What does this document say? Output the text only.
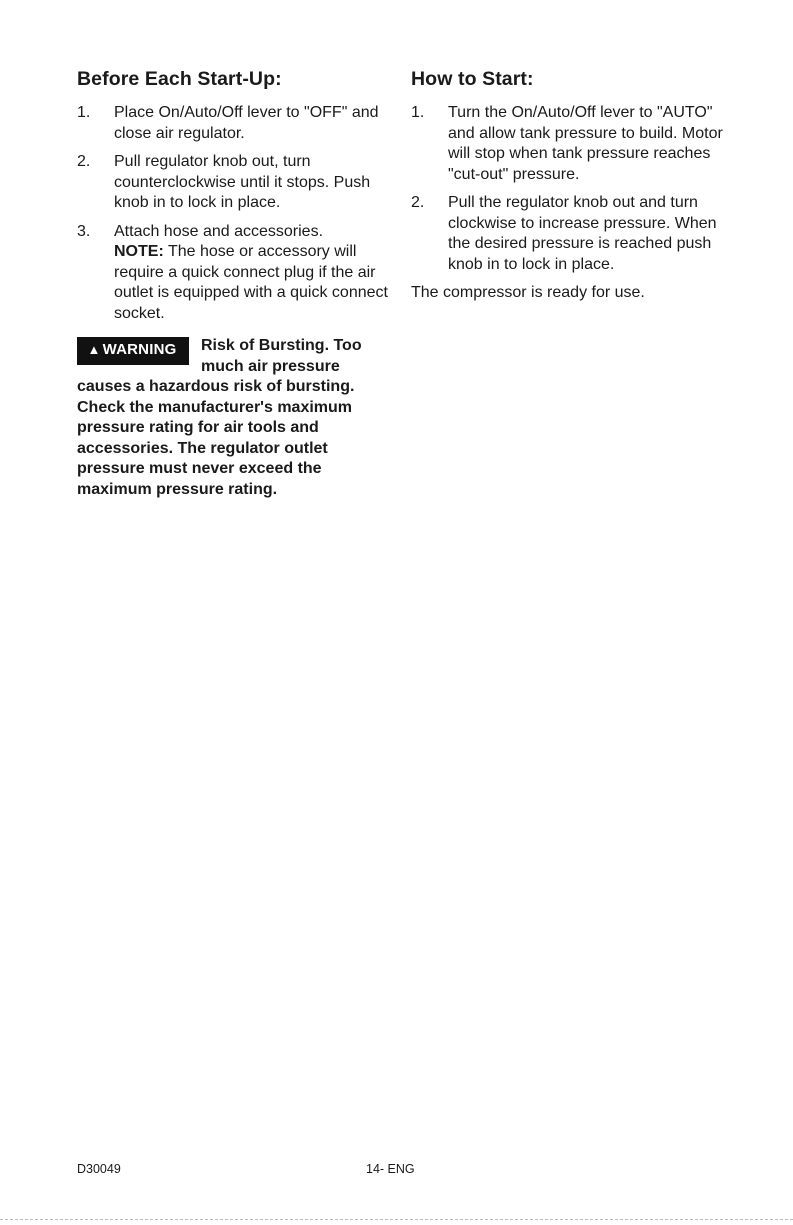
Before Each Start-Up:
1. Place On/Auto/Off lever to "OFF" and close air regulator.
2. Pull regulator knob out, turn counterclockwise until it stops. Push knob in to lock in place.
3. Attach hose and accessories.
NOTE: The hose or accessory will require a quick connect plug if the air outlet is equipped with a quick connect socket.
▲ WARNING	Risk of Bursting. Too much air pressure causes a hazardous risk of bursting. Check the manufacturer's maximum pressure rating for air tools and accessories. The regulator outlet pressure must never exceed the maximum pressure rating.
How to Start:
1. Turn the On/Auto/Off lever to "AUTO" and allow tank pressure to build. Motor will stop when tank pressure reaches "cut-out" pressure.
2. Pull the regulator knob out and turn clockwise to increase pressure. When the desired pressure is reached push knob in to lock in place.
The compressor is ready for use.
D30049	14- ENG
